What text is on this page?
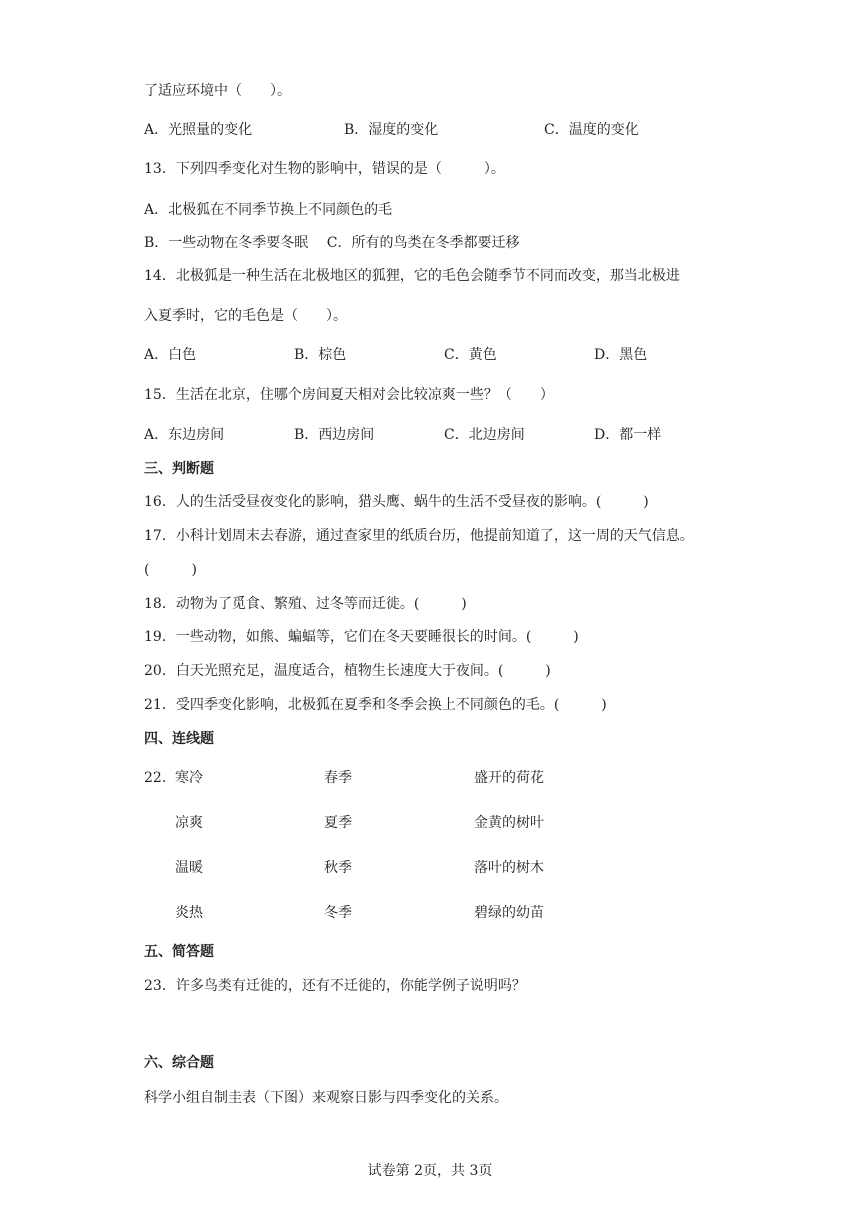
了适应环境中（　　）。
A．光照量的变化	B．湿度的变化	C．温度的变化
13．下列四季变化对生物的影响中，错误的是（　　　）。
A．北极狐在不同季节换上不同颜色的毛
B．一些动物在冬季要冬眠　 C．所有的鸟类在冬季都要迁移
14．北极狐是一种生活在北极地区的狐狸，它的毛色会随季节不同而改变，那当北极进
入夏季时，它的毛色是（　　）。
A．白色	B．棕色	C．黄色	D．黑色
15．生活在北京，住哪个房间夏天相对会比较凉爽一些？（　　）
A．东边房间	B．西边房间	C．北边房间	D．都一样
三、判断题
16．人的生活受昼夜变化的影响，猎头鹰、蜗牛的生活不受昼夜的影响。(　　　)
17．小科计划周末去春游，通过查家里的纸质台历，他提前知道了，这一周的天气信息。
(　　　)
18．动物为了觅食、繁殖、过冬等而迁徙。(　　　)
19．一些动物，如熊、蝙蝠等，它们在冬天要睡很长的时间。(　　　)
20．白天光照充足，温度适合，植物生长速度大于夜间。(　　　)
21．受四季变化影响，北极狐在夏季和冬季会换上不同颜色的毛。(　　　)
四、连线题
22． 寒冷	春季	盛开的荷花
凉爽	夏季	金黄的树叶
温暖	秋季	落叶的树木
炎热	冬季	碧绿的幼苗
五、简答题
23．许多鸟类有迁徙的，还有不迁徙的，你能学例子说明吗？
六、综合题
科学小组自制圭表（下图）来观察日影与四季变化的关系。
试卷第 2页，共 3页
